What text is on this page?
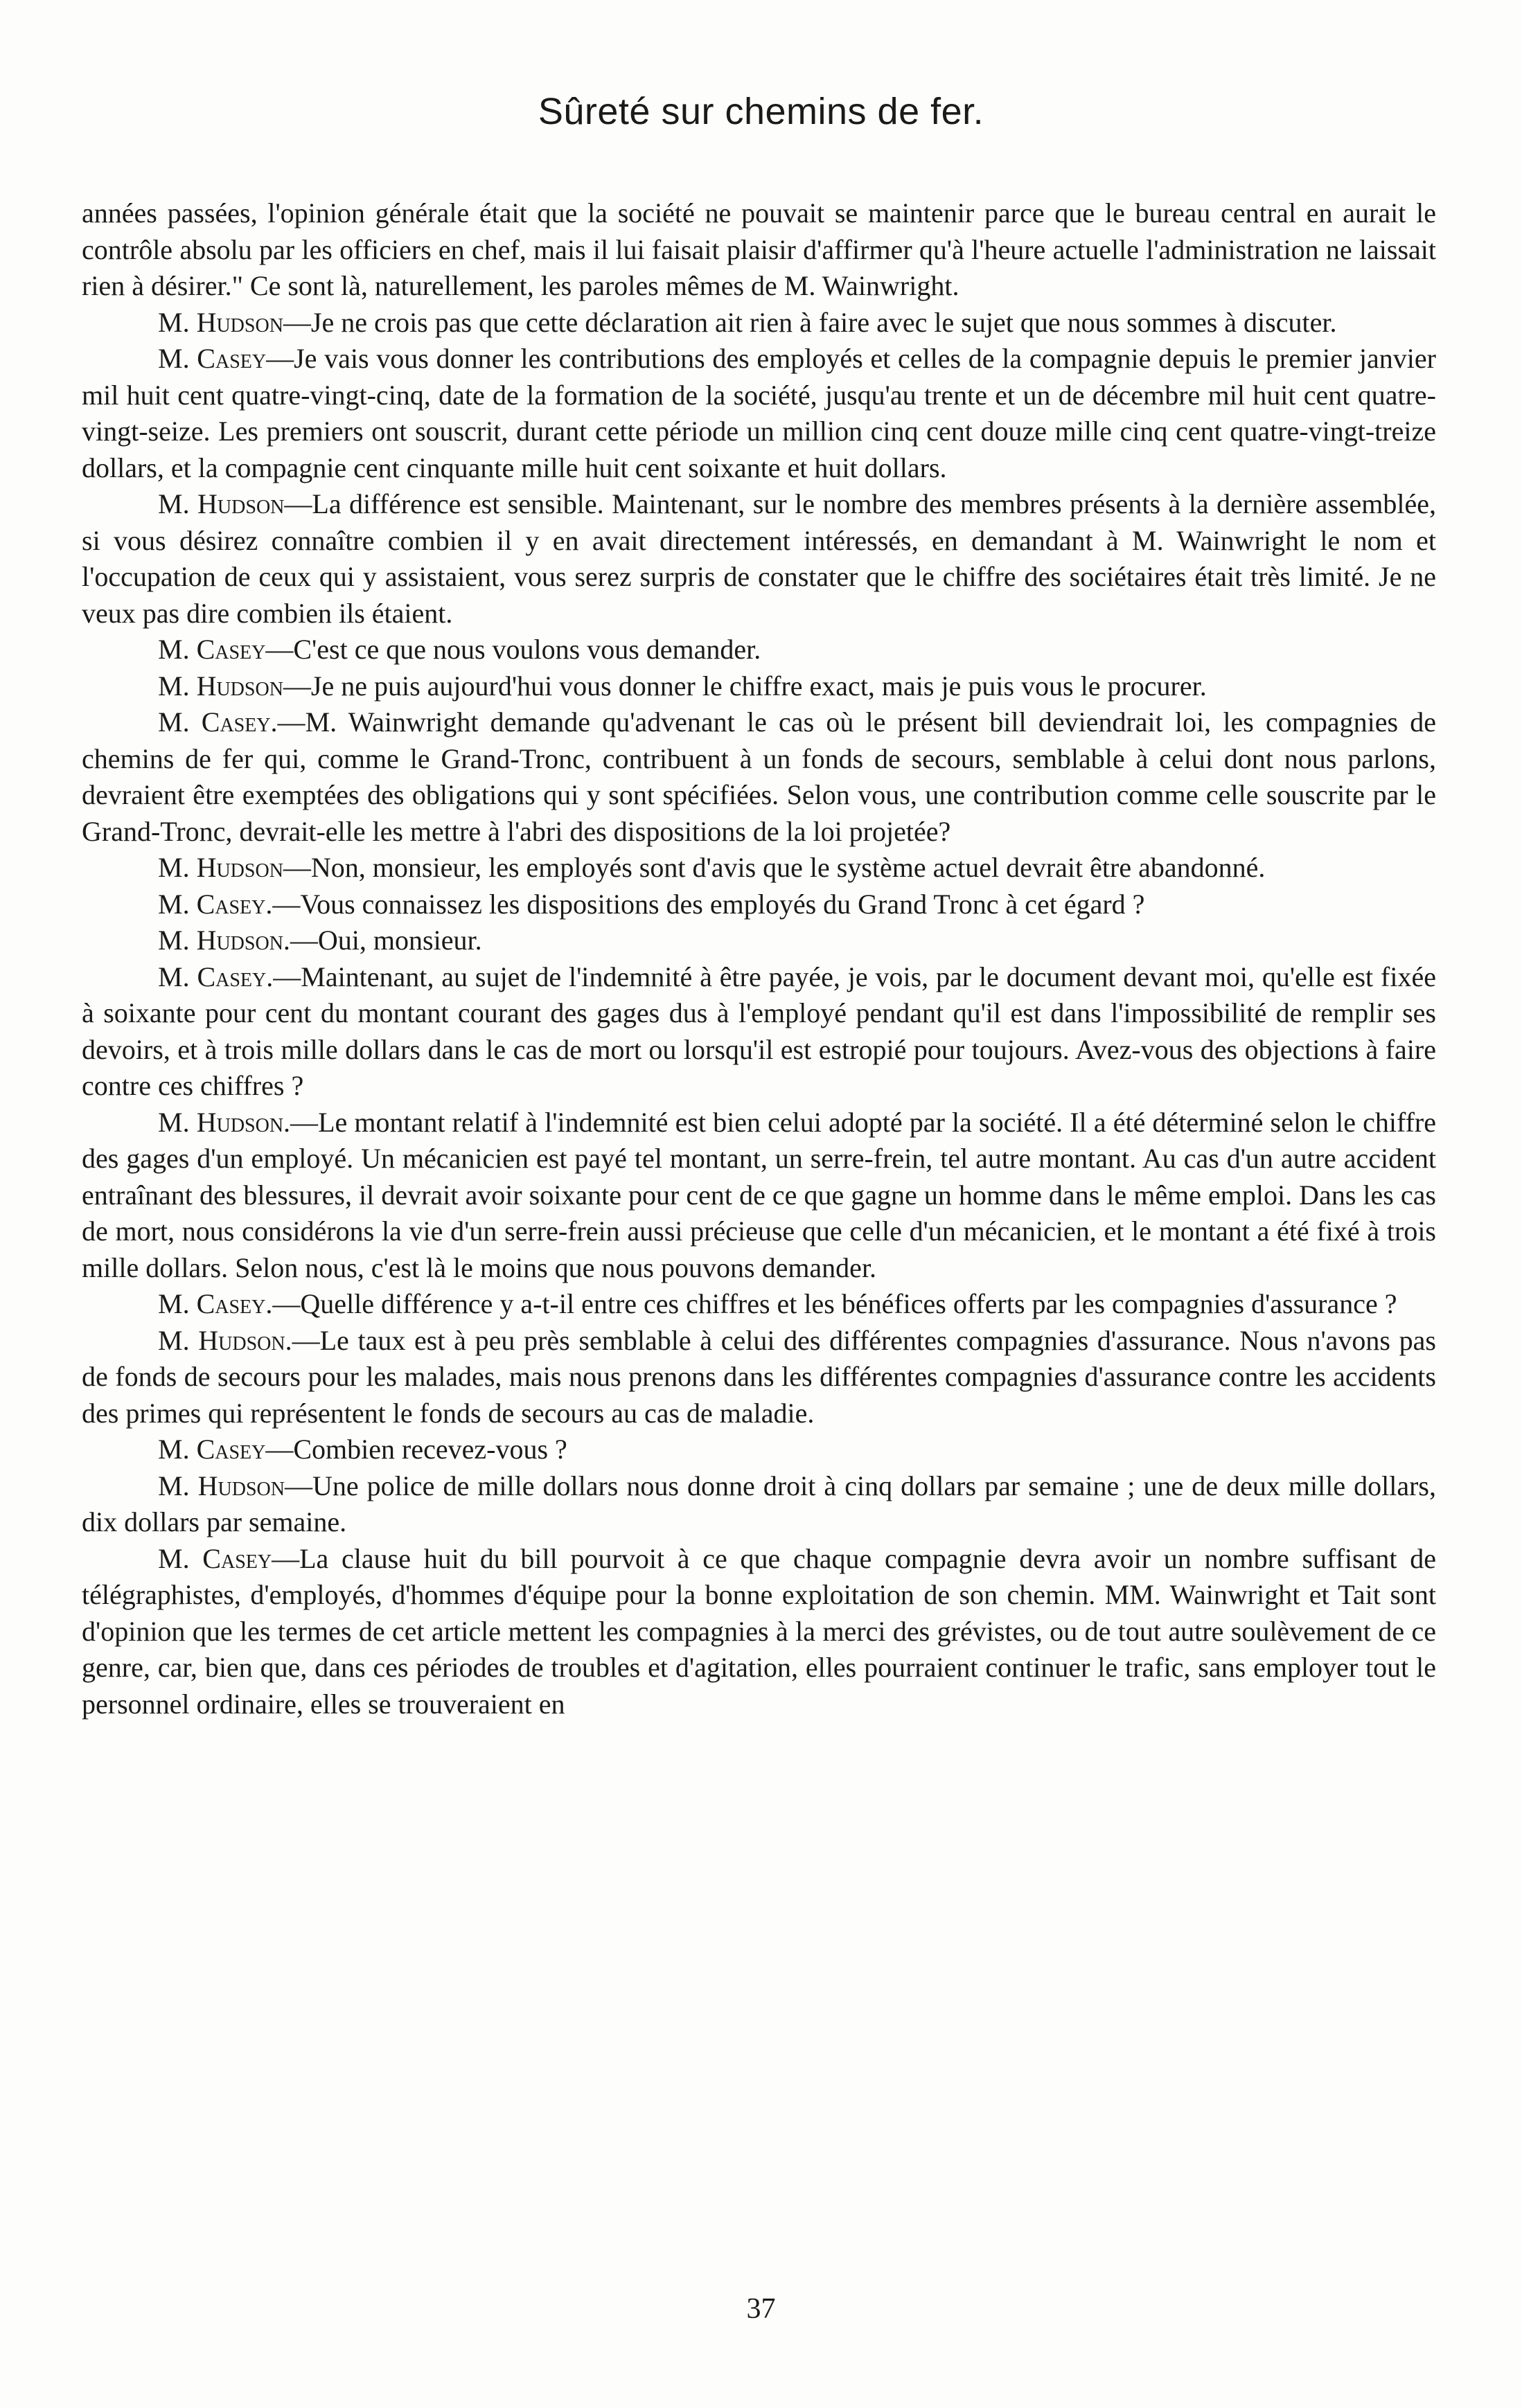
Sûreté sur chemins de fer.

années passées, l'opinion générale était que la société ne pouvait se maintenir parce que le bureau central en aurait le contrôle absolu par les officiers en chef, mais il lui faisait plaisir d'affirmer qu'à l'heure actuelle l'administration ne laissait rien à désirer." Ce sont là, naturellement, les paroles mêmes de M. Wainwright.

M. Hudson—Je ne crois pas que cette déclaration ait rien à faire avec le sujet que nous sommes à discuter.

M. Casey—Je vais vous donner les contributions des employés et celles de la compagnie depuis le premier janvier mil huit cent quatre-vingt-cinq, date de la formation de la société, jusqu'au trente et un de décembre mil huit cent quatre-vingt-seize. Les premiers ont souscrit, durant cette période un million cinq cent douze mille cinq cent quatre-vingt-treize dollars, et la compagnie cent cinquante mille huit cent soixante et huit dollars.

M. Hudson—La différence est sensible. Maintenant, sur le nombre des membres présents à la dernière assemblée, si vous désirez connaître combien il y en avait directement intéressés, en demandant à M. Wainwright le nom et l'occupation de ceux qui y assistaient, vous serez surpris de constater que le chiffre des sociétaires était très limité. Je ne veux pas dire combien ils étaient.

M. Casey—C'est ce que nous voulons vous demander.

M. Hudson—Je ne puis aujourd'hui vous donner le chiffre exact, mais je puis vous le procurer.

M. Casey.—M. Wainwright demande qu'advenant le cas où le présent bill deviendrait loi, les compagnies de chemins de fer qui, comme le Grand-Tronc, contribuent à un fonds de secours, semblable à celui dont nous parlons, devraient être exemptées des obligations qui y sont spécifiées. Selon vous, une contribution comme celle souscrite par le Grand-Tronc, devrait-elle les mettre à l'abri des dispositions de la loi projetée?

M. Hudson—Non, monsieur, les employés sont d'avis que le système actuel devrait être abandonné.

M. Casey.—Vous connaissez les dispositions des employés du Grand Tronc à cet égard ?

M. Hudson.—Oui, monsieur.

M. Casey.—Maintenant, au sujet de l'indemnité à être payée, je vois, par le document devant moi, qu'elle est fixée à soixante pour cent du montant courant des gages dus à l'employé pendant qu'il est dans l'impossibilité de remplir ses devoirs, et à trois mille dollars dans le cas de mort ou lorsqu'il est estropié pour toujours. Avez-vous des objections à faire contre ces chiffres ?

M. Hudson.—Le montant relatif à l'indemnité est bien celui adopté par la société. Il a été déterminé selon le chiffre des gages d'un employé. Un mécanicien est payé tel montant, un serre-frein, tel autre montant. Au cas d'un autre accident entraînant des blessures, il devrait avoir soixante pour cent de ce que gagne un homme dans le même emploi. Dans les cas de mort, nous considérons la vie d'un serre-frein aussi précieuse que celle d'un mécanicien, et le montant a été fixé à trois mille dollars. Selon nous, c'est là le moins que nous pouvons demander.

M. Casey.—Quelle différence y a-t-il entre ces chiffres et les bénéfices offerts par les compagnies d'assurance ?

M. Hudson.—Le taux est à peu près semblable à celui des différentes compagnies d'assurance. Nous n'avons pas de fonds de secours pour les malades, mais nous prenons dans les différentes compagnies d'assurance contre les accidents des primes qui représentent le fonds de secours au cas de maladie.

M. Casey—Combien recevez-vous ?

M. Hudson—Une police de mille dollars nous donne droit à cinq dollars par semaine ; une de deux mille dollars, dix dollars par semaine.

M. Casey—La clause huit du bill pourvoit à ce que chaque compagnie devra avoir un nombre suffisant de télégraphistes, d'employés, d'hommes d'équipe pour la bonne exploitation de son chemin. MM. Wainwright et Tait sont d'opinion que les termes de cet article mettent les compagnies à la merci des grévistes, ou de tout autre soulèvement de ce genre, car, bien que, dans ces périodes de troubles et d'agitation, elles pourraient continuer le trafic, sans employer tout le personnel ordinaire, elles se trouveraient en

37
